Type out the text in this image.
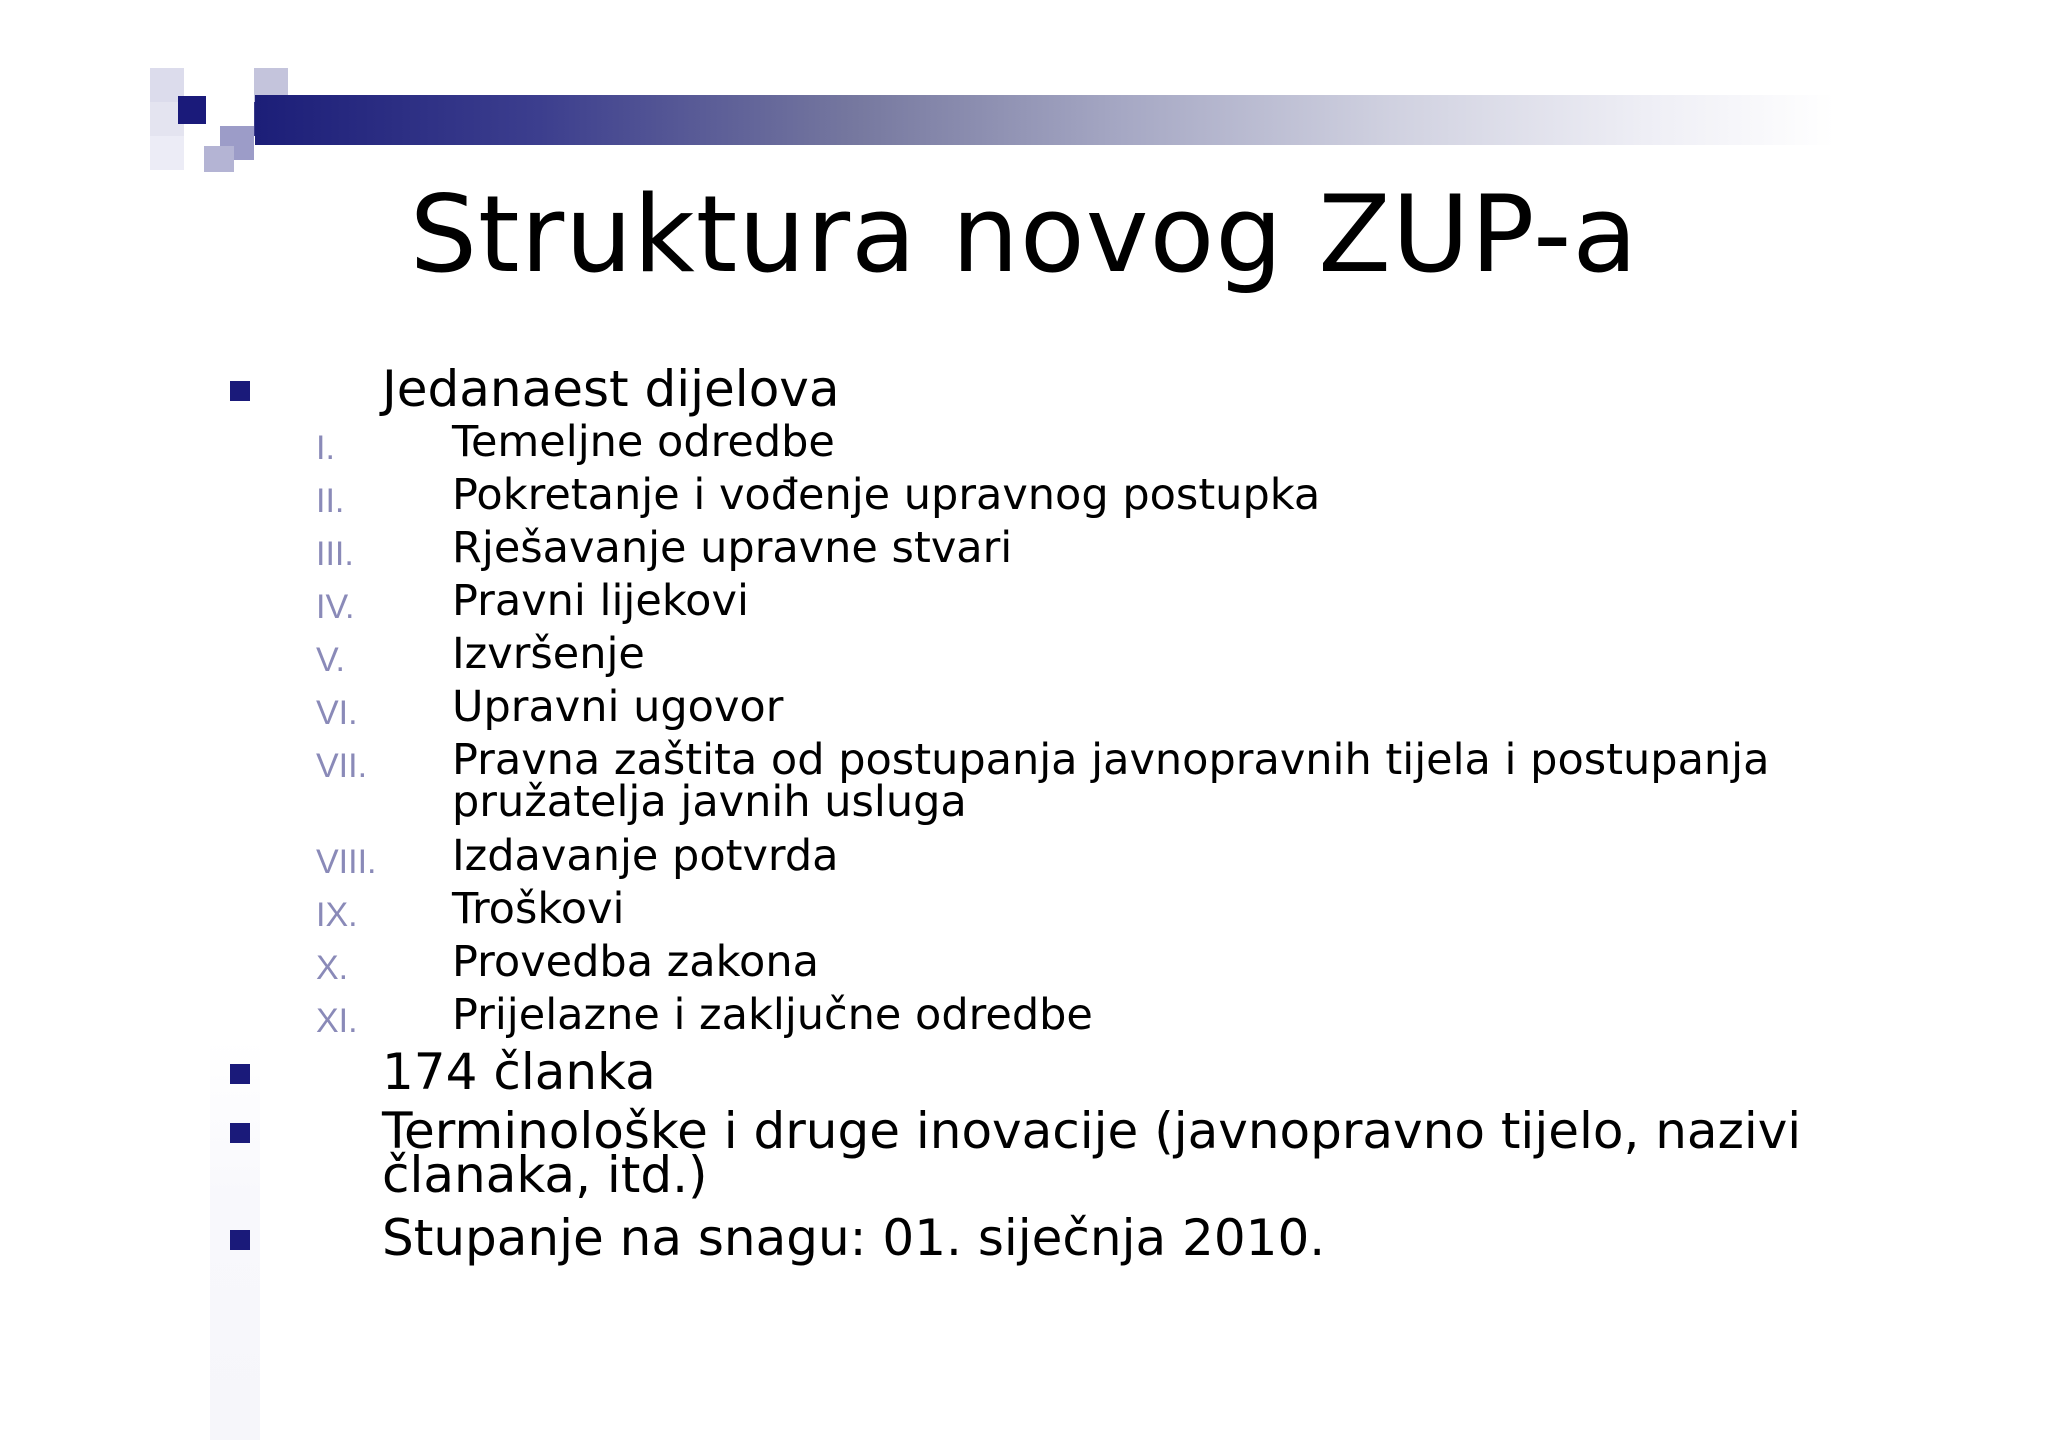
Struktura novog ZUP-a
Jedanaest dijelova
I.	Temeljne odredbe
II.	Pokretanje i vođenje upravnog postupka
III. Rješavanje upravne stvari
IV. Pravni lijekovi
V. Izvršenje
VI. Upravni ugovor
VII. Pravna zaštita od postupanja javnopravnih tijela i postupanja
pružatelja javnih usluga
VIII. Izdavanje potvrda
IX. Troškovi
X. Provedba zakona
XI. Prijelazne i zaključne odredbe
174 članka
Terminološke i druge inovacije (javnopravno tijelo, nazivi
članaka, itd.)
Stupanje na snagu: 01. siječnja 2010.
